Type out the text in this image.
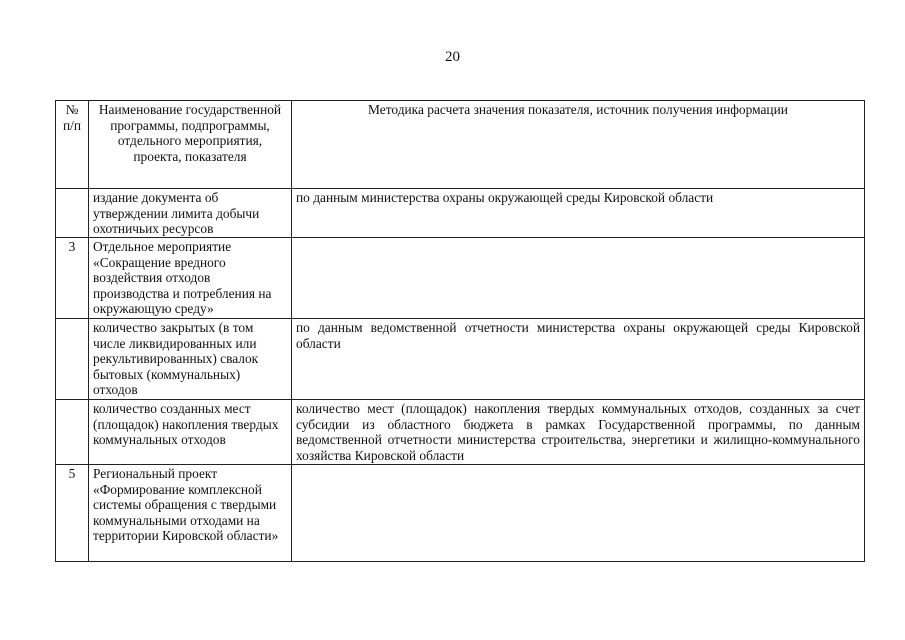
20
№ п/п	Наименование государственной программы, подпрограммы, отдельного мероприятия, проекта, показателя	Методика расчета значения показателя, источник получения информации
	издание документа об утверждении лимита добычи охотничьих ресурсов	по данным министерства охраны окружающей среды Кировской области
3	Отдельное мероприятие «Сокращение вредного воздействия отходов производства и потребления на окружающую среду»	
	количество закрытых (в том числе ликвидированных или рекультивированных) свалок бытовых (коммунальных) отходов	по данным ведомственной отчетности министерства охраны окружающей среды Кировской области
	количество созданных мест (площадок) накопления твердых коммунальных отходов	количество мест (площадок) накопления твердых коммунальных отходов, созданных за счет субсидии из областного бюджета в рамках Государственной программы, по данным ведомственной отчетности министерства строительства, энергетики и жилищно-коммунального хозяйства Кировской области
5	Региональный проект «Формирование комплексной системы обращения с твердыми коммунальными отходами на территории Кировской области»	
